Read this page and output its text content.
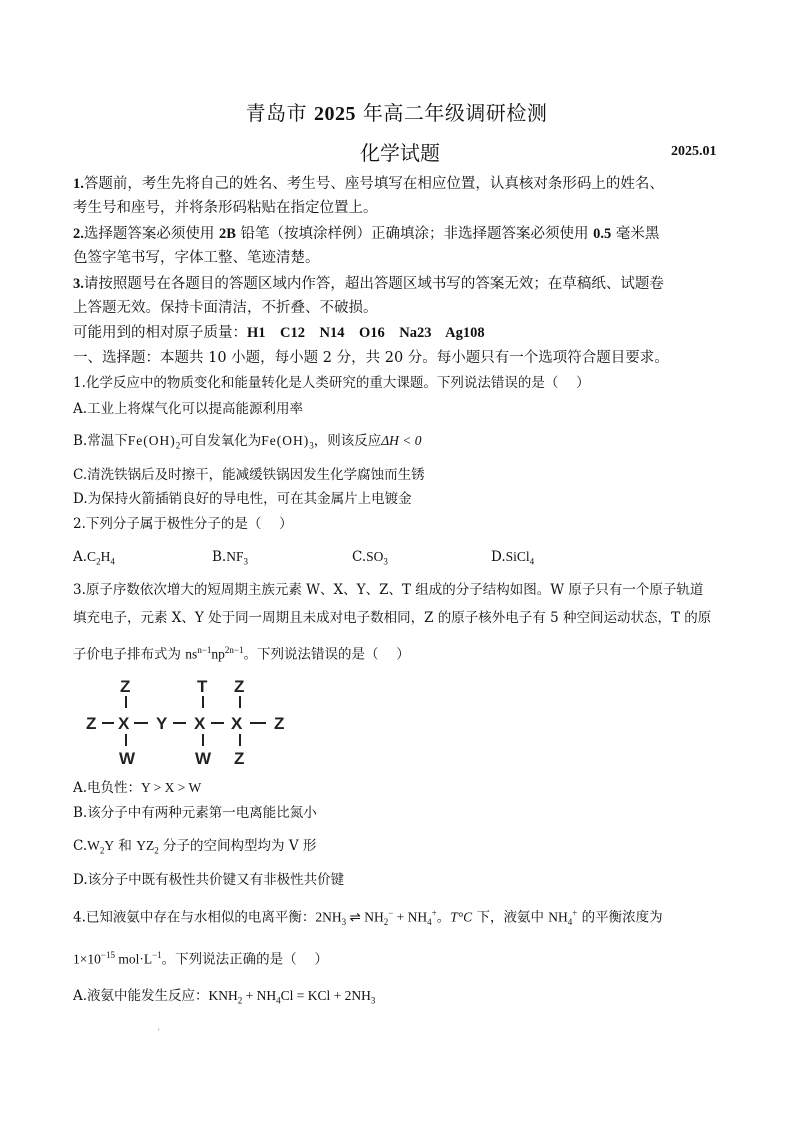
青岛市 2025 年高二年级调研检测
化学试题	2025.01
1.答题前，考生先将自己的姓名、考生号、座号填写在相应位置，认真核对条形码上的姓名、
考生号和座号，并将条形码粘贴在指定位置上。
2.选择题答案必须使用 2B 铅笔（按填涂样例）正确填涂；非选择题答案必须使用 0.5 毫米黑
色签字笔书写，字体工整、笔迹清楚。
3.请按照题号在各题目的答题区域内作答，超出答题区域书写的答案无效；在草稿纸、试题卷
上答题无效。保持卡面清洁，不折叠、不破损。
可能用到的相对原子质量：H1    C12    N14    O16    Na23    Ag108
一、选择题：本题共 10 小题，每小题 2 分，共 20 分。每小题只有一个选项符合题目要求。
1.化学反应中的物质变化和能量转化是人类研究的重大课题。下列说法错误的是（　 ）
A.工业上将煤气化可以提高能源利用率
B.常温下$Fe(OH)_2$可自发氧化为$Fe(OH)_3$，则该反应ΔH < 0
C.清洗铁锅后及时擦干，能减缓铁锅因发生化学腐蚀而生锈
D.为保持火箭插销良好的导电性，可在其金属片上电镀金
2.下列分子属于极性分子的是（　 ）
$A.C_2H_4$	$B.NF_3$	$C.SO_3$	D.SiCl$_4$
3.原子序数依次增大的短周期主族元素 W、X、Y、Z、T 组成的分子结构如图。W 原子只有一个原子轨道
填充电子，元素 X、Y 处于同一周期且未成对电子数相同，Z 的原子核外电子有 5 种空间运动状态，T 的原
子价电子排布式为 $ns^{n-1}np^{2n-1}$。下列说法错误的是（　 ）
Z X Y X X Z
Z
W
T
W
Z
Z
A.电负性：Y > X > W
B.该分子中有两种元素第一电离能比氮小
$C.W_2Y$ 和 $YZ_2$ 分子的空间构型均为 V 形
D.该分子中既有极性共价键又有非极性共价键
4.已知液氨中存在与水相似的电离平衡：$2NH_3$ ⇌ $NH_2^- + NH_4^+$。T°C 下，液氨中 $NH_4^+$ 的平衡浓度为
$1\times 10^{-15}$ $mol\cdot L^{-1}$。下列说法正确的是（　 ）
A.液氨中能发生反应：$KNH_2 + NH_4Cl$ = KCl + $2NH_3$
·
